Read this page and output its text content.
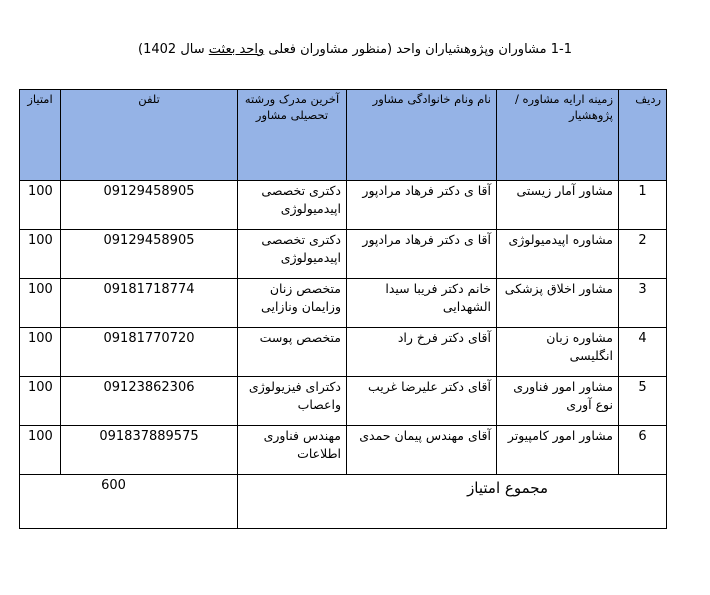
1-1 مشاوران وپژوهشیاران واحد (منظور مشاوران فعلی واحد بعثت سال 1402)
ردیف	زمینه ارایه مشاوره /پژوهشیار	نام ونام خانوادگی مشاور	آخرین مدرک ورشته تحصیلی مشاور	تلفن	امتیاز
1	مشاور آمار زیستی	آقا ی دکتر فرهاد مرادپور	دکتری تخصصی اپیدمیولوژی	09129458905	100
2	مشاوره اپیدمیولوژی	آقا ی دکتر فرهاد مرادپور	دکتری تخصصی اپیدمیولوژی	09129458905	100
3	مشاور اخلاق پزشکی	خانم دکتر فریبا سیدا الشهدایی	متخصص زنان وزایمان ونازایی	09181718774	100
4	مشاوره زبان انگلیسی	آقای دکتر فرخ راد	متخصص پوست	09181770720	100
5	مشاور امور فناوری نوع آوری	آقای دکتر علیرضا غریب	دکترای فیزیولوژی واعصاب	09123862306	100
6	مشاور امور کامپیوتر	آقای مهندس پیمان حمدی	مهندس فناوری اطلاعات	091837889575	100
مجموع امتیاز				600	
